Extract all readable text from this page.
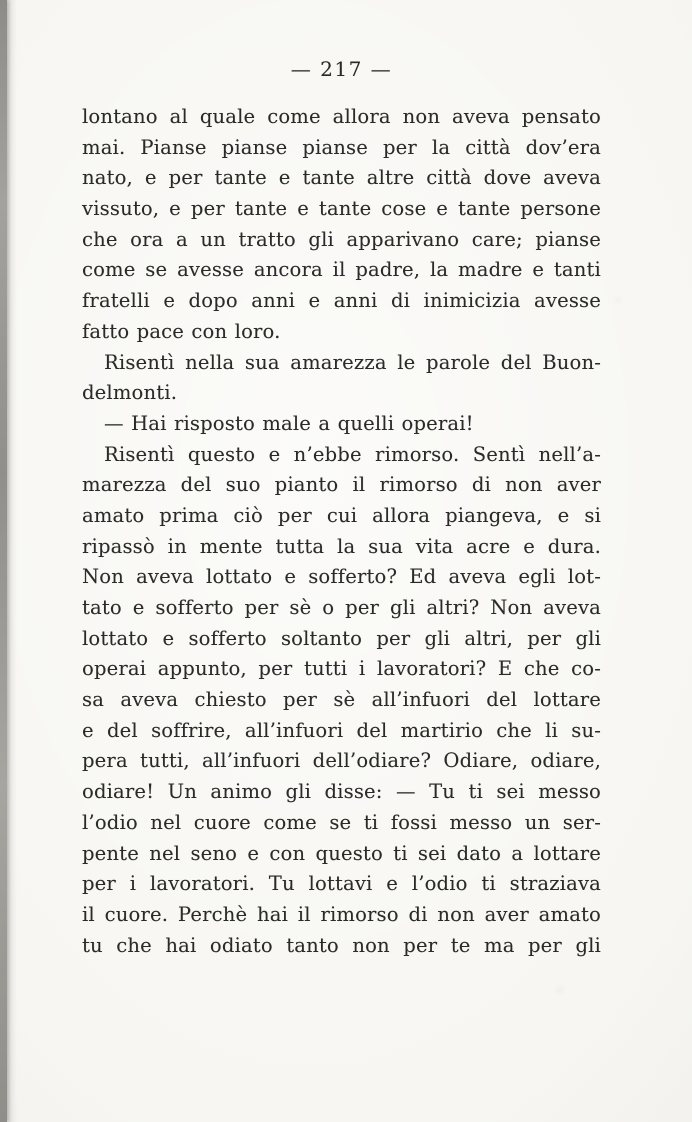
— 217 —
lontano al quale come allora non aveva pensato
mai. Pianse pianse pianse per la città dov’era
nato, e per tante e tante altre città dove aveva
vissuto, e per tante e tante cose e tante persone
che ora a un tratto gli apparivano care; pianse
come se avesse ancora il padre, la madre e tanti
fratelli e dopo anni e anni di inimicizia avesse
fatto pace con loro.
Risentì nella sua amarezza le parole del Buon-
delmonti.
— Hai risposto male a quelli operai!
Risentì questo e n’ebbe rimorso. Sentì nell’a-
marezza del suo pianto il rimorso di non aver
amato prima ciò per cui allora piangeva, e si
ripassò in mente tutta la sua vita acre e dura.
Non aveva lottato e sofferto? Ed aveva egli lot-
tato e sofferto per sè o per gli altri? Non aveva
lottato e sofferto soltanto per gli altri, per gli
operai appunto, per tutti i lavoratori? E che co-
sa aveva chiesto per sè all’infuori del lottare
e del soffrire, all’infuori del martirio che li su-
pera tutti, all’infuori dell’odiare? Odiare, odiare,
odiare! Un animo gli disse: — Tu ti sei messo
l’odio nel cuore come se ti fossi messo un ser-
pente nel seno e con questo ti sei dato a lottare
per i lavoratori. Tu lottavi e l’odio ti straziava
il cuore. Perchè hai il rimorso di non aver amato
tu che hai odiato tanto non per te ma per gli
